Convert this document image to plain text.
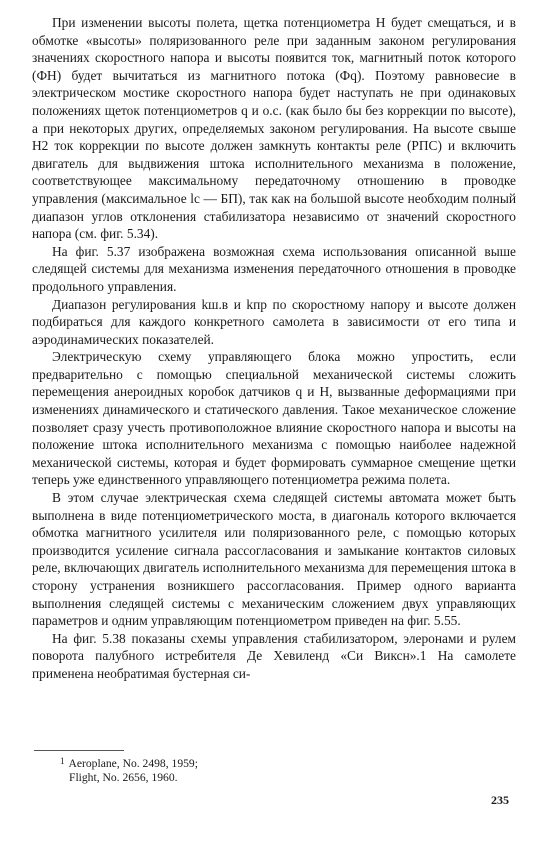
При изменении высоты полета, щетка потенциометра H будет смещаться, и в обмотке «высоты» поляризованного реле при заданным законом регулирования значениях скоростного напора и высоты появится ток, магнитный поток которого (ФH) будет вычитаться из магнитного потока (Фq). Поэтому равновесие в электрическом мостике скоростного напора будет наступать не при одинаковых положениях щеток потенциометров q и о.с. (как было бы без коррекции по высоте), а при некоторых других, определяемых законом регулирования. На высоте свыше H2 ток коррекции по высоте должен замкнуть контакты реле (РПС) и включить двигатель для выдвижения штока исполнительного механизма в положение, соответствующее максимальному передаточному отношению в проводке управления (максимальное lc — БП), так как на большой высоте необходим полный диапазон углов отклонения стабилизатора независимо от значений скоростного напора (см. фиг. 5.34).

На фиг. 5.37 изображена возможная схема использования описанной выше следящей системы для механизма изменения передаточного отношения в проводке продольного управления.

Диапазон регулирования kш.в и kпр по скоростному напору и высоте должен подбираться для каждого конкретного самолета в зависимости от его типа и аэродинамических показателей.

Электрическую схему управляющего блока можно упростить, если предварительно с помощью специальной механической системы сложить перемещения анероидных коробок датчиков q и H, вызванные деформациями при изменениях динамического и статического давления. Такое механическое сложение позволяет сразу учесть противоположное влияние скоростного напора и высоты на положение штока исполнительного механизма с помощью наиболее надежной механической системы, которая и будет формировать суммарное смещение щетки теперь уже единственного управляющего потенциометра режима полета.

В этом случае электрическая схема следящей системы автомата может быть выполнена в виде потенциометрического моста, в диагональ которого включается обмотка магнитного усилителя или поляризованного реле, с помощью которых производится усиление сигнала рассогласования и замыкание контактов силовых реле, включающих двигатель исполнительного механизма для перемещения штока в сторону устранения возникшего рассогласования. Пример одного варианта выполнения следящей системы с механическим сложением двух управляющих параметров и одним управляющим потенциометром приведен на фиг. 5.55.

На фиг. 5.38 показаны схемы управления стабилизатором, элеронами и рулем поворота палубного истребителя Де Хевиленд «Си Виксн».1 На самолете применена необратимая бустерная си-

$^1$ Aeroplane, No. 2498, 1959;
Flight, No. 2656, 1960.
235
